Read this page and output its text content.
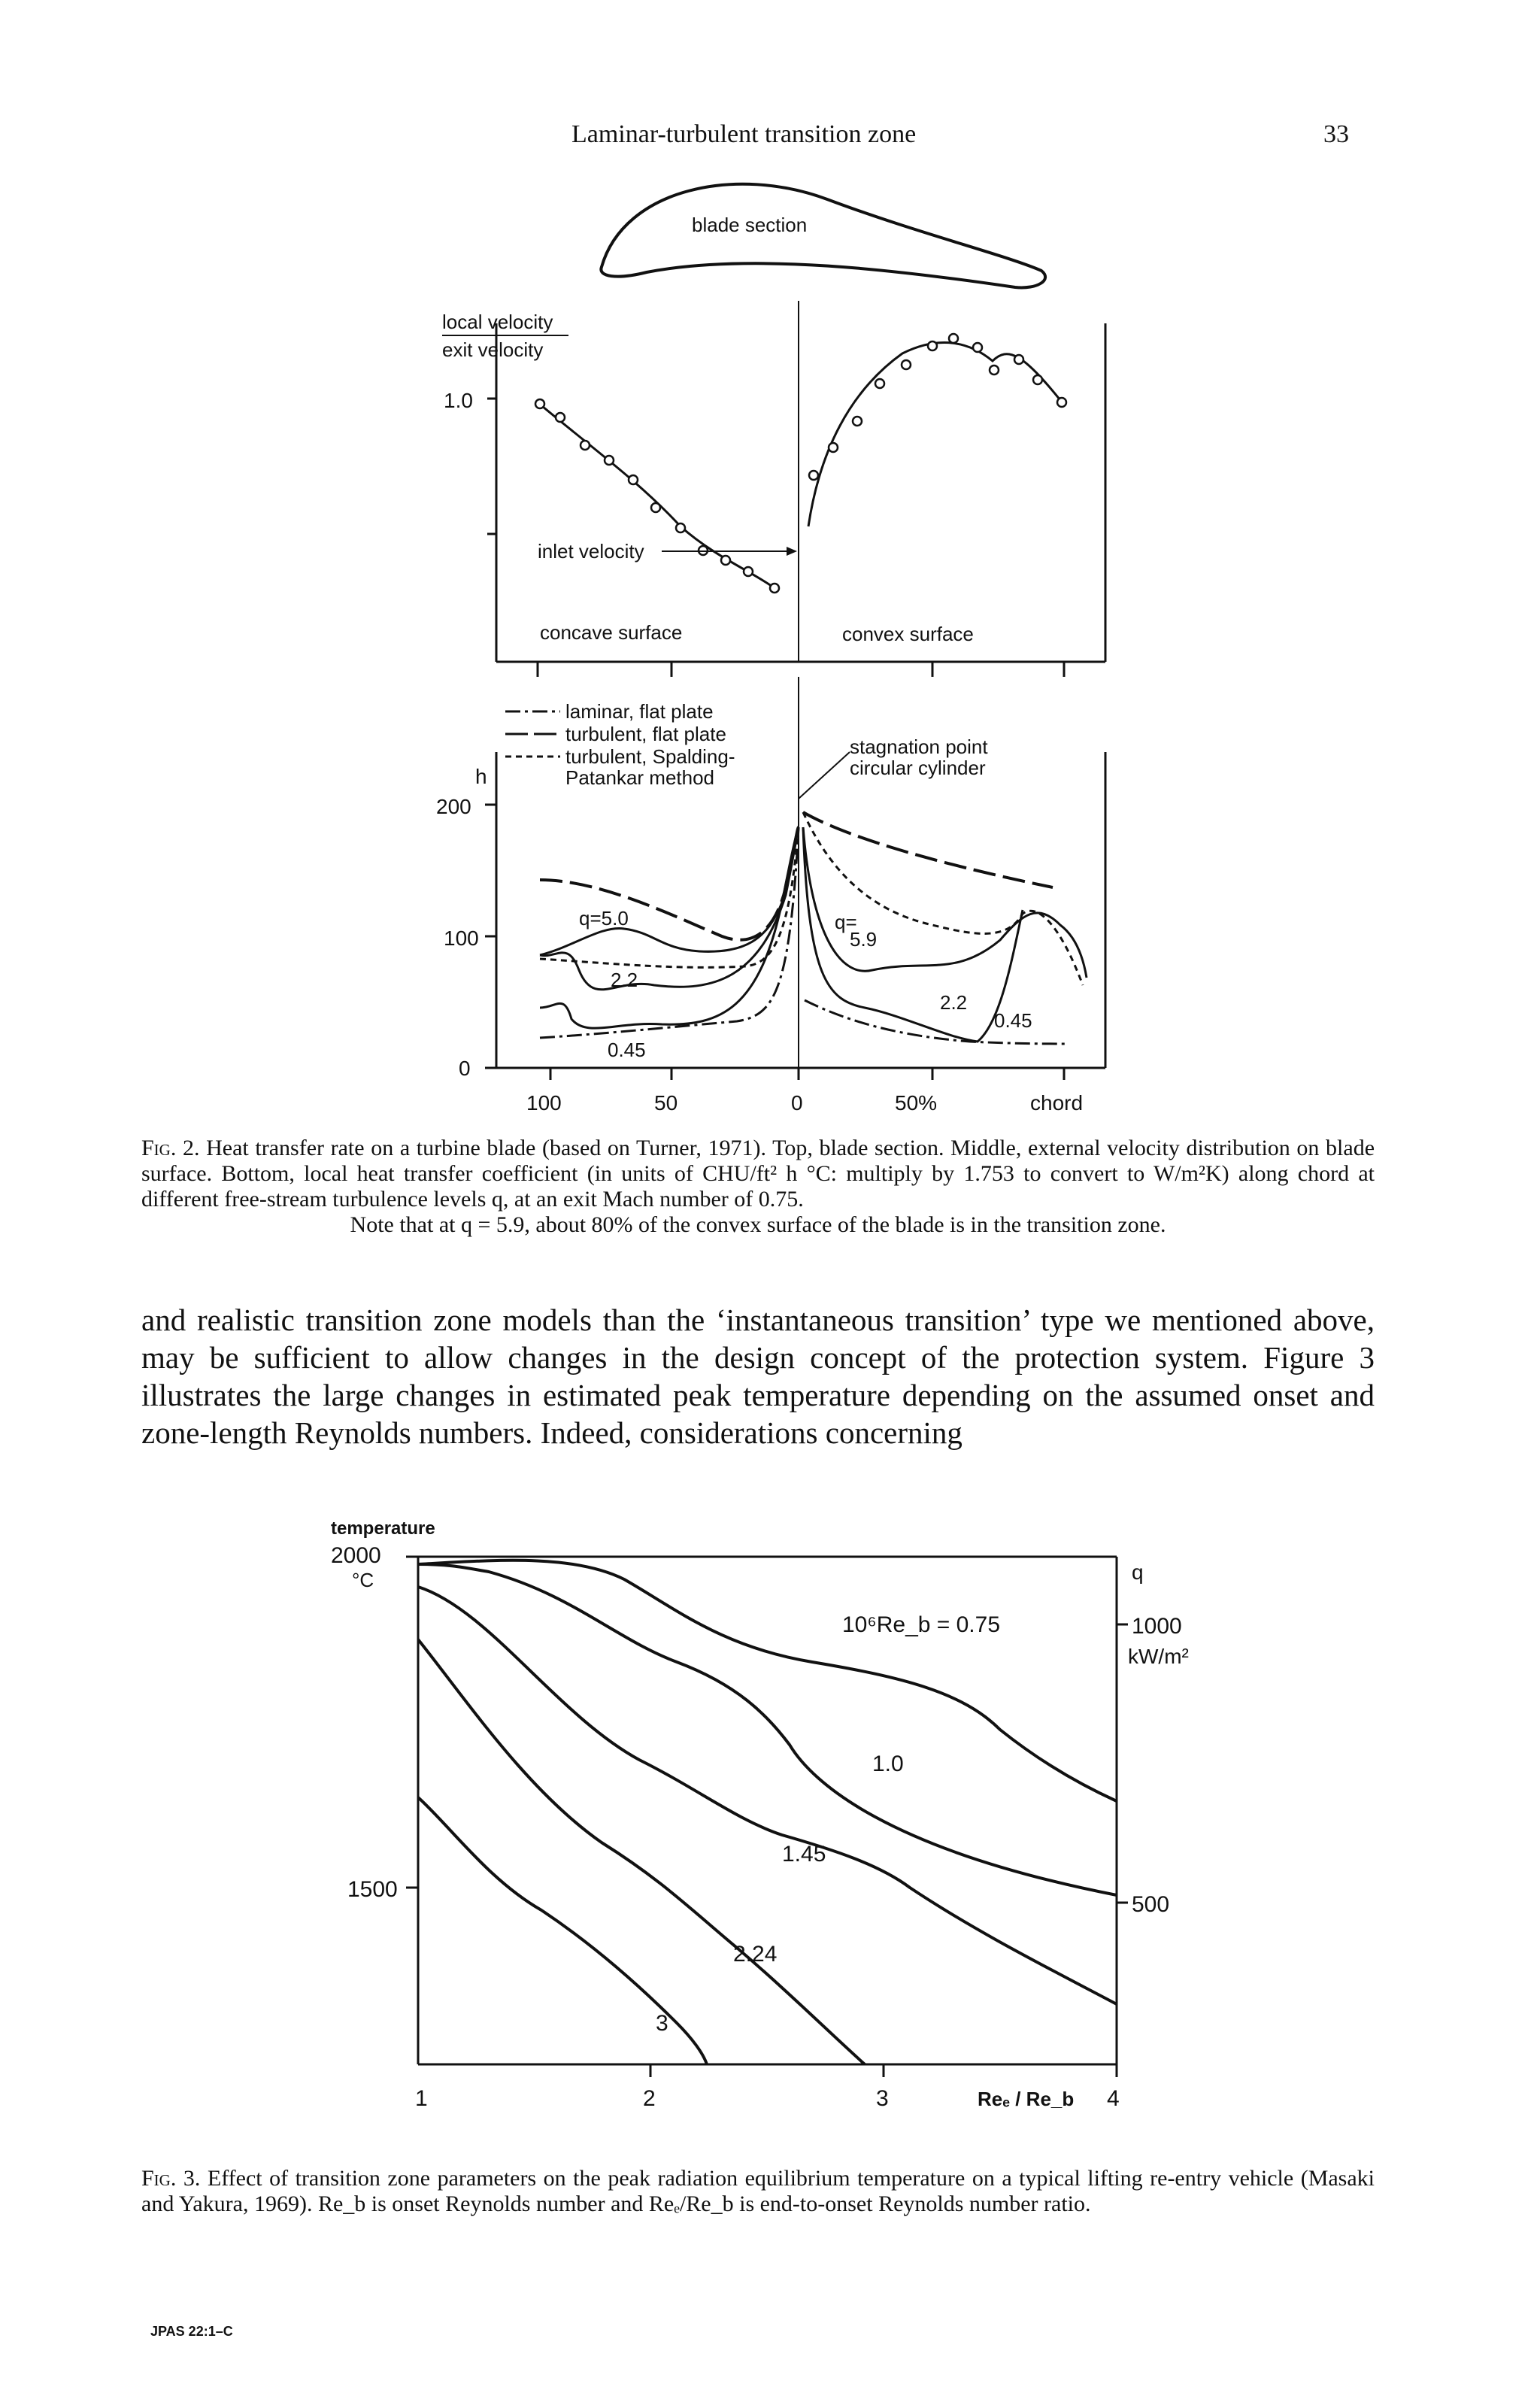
Laminar-turbulent transition zone	33
blade section
local velocity
exit velocity
1.0
inlet velocity
concave surface	convex surface
h
200
100
0
100	50	0	50%	chord
laminar, flat plate
turbulent, flat plate
turbulent, Spalding-
Patankar method
stagnation point
circular cylinder
q=5.0
2.2
0.45
q=
5.9
2.2
0.45
temperature
2000
°C
1500
q
1000
kW/m²
500
1	2	3	Reₑ / Re_b 4
10⁶Re_b = 0.75
1.0
1.45
2.24
3
Fig. 2. Heat transfer rate on a turbine blade (based on Turner, 1971). Top, blade section. Middle, external velocity distribution on blade surface. Bottom, local heat transfer coefficient (in units of CHU/ft² h °C: multiply by 1.753 to convert to W/m²K) along chord at different free-stream turbulence levels q, at an exit Mach number of 0.75.
Note that at q = 5.9, about 80% of the convex surface of the blade is in the transition zone.
and realistic transition zone models than the ‘instantaneous transition’ type we mentioned above, may be sufficient to allow changes in the design concept of the protection system. Figure 3 illustrates the large changes in estimated peak temperature depending on the assumed onset and zone-length Reynolds numbers. Indeed, considerations concerning
Fig. 3. Effect of transition zone parameters on the peak radiation equilibrium temperature on a typical lifting re-entry vehicle (Masaki and Yakura, 1969). Re_b is onset Reynolds number and Reₑ/Re_b is end-to-onset Reynolds number ratio.
JPAS 22:1–C
